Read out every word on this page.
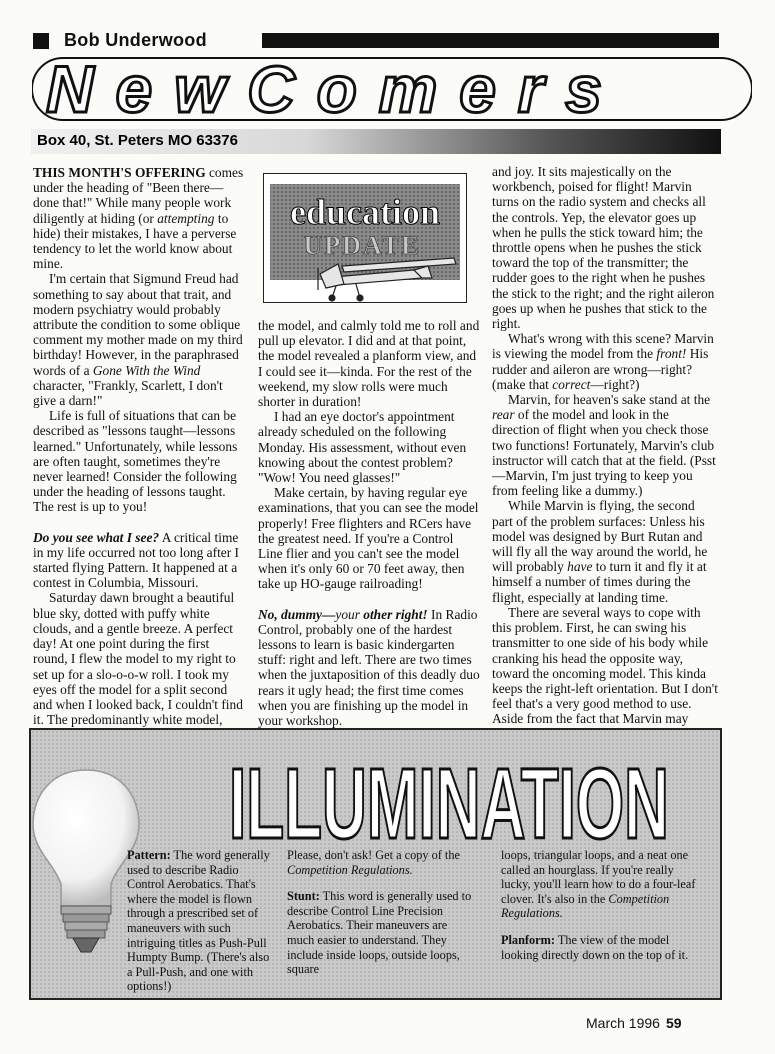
Bob Underwood
NewComers
Box 40, St. Peters MO 63376

THIS MONTH'S OFFERING comes under the heading of "Been there—done that!" While many people work diligently at hiding (or attempting to hide) their mistakes, I have a perverse tendency to let the world know about mine.

I'm certain that Sigmund Freud had something to say about that trait, and modern psychiatry would probably attribute the condition to some oblique comment my mother made on my third birthday! However, in the paraphrased words of a Gone With the Wind character, "Frankly, Scarlett, I don't give a darn!"

Life is full of situations that can be described as "lessons taught—lessons learned." Unfortunately, while lessons are often taught, sometimes they're never learned! Consider the following under the heading of lessons taught. The rest is up to you!

Do you see what I see? A critical time in my life occurred not too long after I started flying Pattern. It happened at a contest in Columbia, Missouri.

Saturday dawn brought a beautiful blue sky, dotted with puffy white clouds, and a gentle breeze. A perfect day! At one point during the first round, I flew the model to my right to set up for a slo-o-o-w roll. I took my eyes off the model for a split second and when I looked back, I couldn't find it. The predominantly white model,

education
UPDATE

the model, and calmly told me to roll and pull up elevator. I did and at that point, the model revealed a planform view, and I could see it—kinda. For the rest of the weekend, my slow rolls were much shorter in duration!

I had an eye doctor's appointment already scheduled on the following Monday. His assessment, without even knowing about the contest problem? "Wow! You need glasses!"

Make certain, by having regular eye examinations, that you can see the model properly! Free flighters and RCers have the greatest need. If you're a Control Line flier and you can't see the model when it's only 60 or 70 feet away, then take up HO-gauge railroading!

No, dummy—your other right! In Radio Control, probably one of the hardest lessons to learn is basic kindergarten stuff: right and left. There are two times when the juxtaposition of this deadly duo rears it ugly head; the first time comes when you are finishing up the model in your workshop.

and joy. It sits majestically on the workbench, poised for flight! Marvin turns on the radio system and checks all the controls. Yep, the elevator goes up when he pulls the stick toward him; the throttle opens when he pushes the stick toward the top of the transmitter; the rudder goes to the right when he pushes the stick to the right; and the right aileron goes up when he pushes that stick to the right.

What's wrong with this scene? Marvin is viewing the model from the front! His rudder and aileron are wrong—right? (make that correct—right?)

Marvin, for heaven's sake stand at the rear of the model and look in the direction of flight when you check those two functions! Fortunately, Marvin's club instructor will catch that at the field. (Psst—Marvin, I'm just trying to keep you from feeling like a dummy.)

While Marvin is flying, the second part of the problem surfaces: Unless his model was designed by Burt Rutan and will fly all the way around the world, he will probably have to turn it and fly it at himself a number of times during the flight, especially at landing time.

There are several ways to cope with this problem. First, he can swing his transmitter to one side of his body while cranking his head the opposite way, toward the oncoming model. This kinda keeps the right-left orientation. But I don't feel that's a very good method to use. Aside from the fact that Marvin may

ILLUMINATION

Pattern: The word generally used to describe Radio Control Aerobatics. That's where the model is flown through a prescribed set of maneuvers with such intriguing titles as Push-Pull Humpty Bump. (There's also a Pull-Push, and one with options!)

Please, don't ask! Get a copy of the Competition Regulations.

Stunt: This word is generally used to describe Control Line Precision Aerobatics. Their maneuvers are much easier to understand. They include inside loops, outside loops, square

loops, triangular loops, and a neat one called an hourglass. If you're really lucky, you'll learn how to do a four-leaf clover. It's also in the Competition Regulations.

Planform: The view of the model looking directly down on the top of it.

March 1996 59
